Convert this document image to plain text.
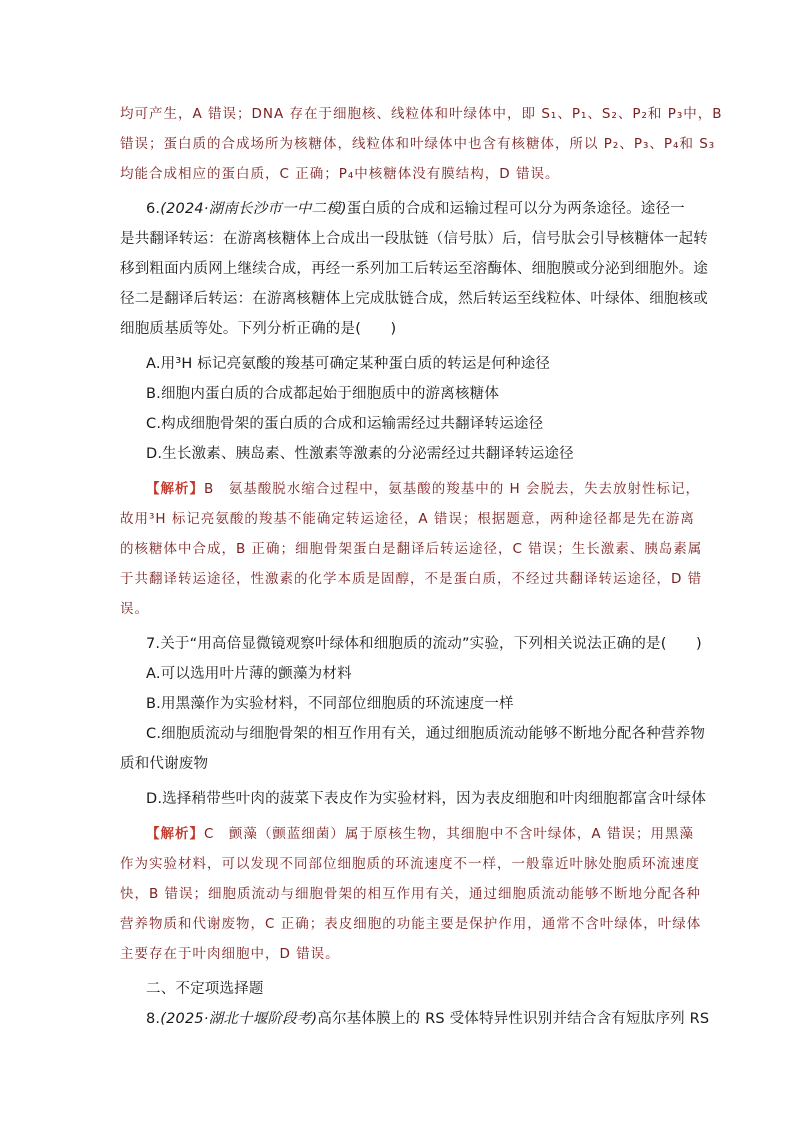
均可产生，A 错误；DNA 存在于细胞核、线粒体和叶绿体中，即 S₁、P₁、S₂、P₂和 P₃中，B
错误；蛋白质的合成场所为核糖体，线粒体和叶绿体中也含有核糖体，所以 P₂、P₃、P₄和 S₃
均能合成相应的蛋白质，C 正确；P₄中核糖体没有膜结构，D 错误。
6.(2024·湖南长沙市一中二模)蛋白质的合成和运输过程可以分为两条途径。途径一
是共翻译转运：在游离核糖体上合成出一段肽链（信号肽）后，信号肽会引导核糖体一起转
移到粗面内质网上继续合成，再经一系列加工后转运至溶酶体、细胞膜或分泌到细胞外。途
径二是翻译后转运：在游离核糖体上完成肽链合成，然后转运至线粒体、叶绿体、细胞核或
细胞质基质等处。下列分析正确的是(　　)
A.用³H 标记亮氨酸的羧基可确定某种蛋白质的转运是何种途径
B.细胞内蛋白质的合成都起始于细胞质中的游离核糖体
C.构成细胞骨架的蛋白质的合成和运输需经过共翻译转运途径
D.生长激素、胰岛素、性激素等激素的分泌需经过共翻译转运途径
【解析】B　氨基酸脱水缩合过程中，氨基酸的羧基中的 H 会脱去，失去放射性标记，
故用³H 标记亮氨酸的羧基不能确定转运途径，A 错误；根据题意，两种途径都是先在游离
的核糖体中合成，B 正确；细胞骨架蛋白是翻译后转运途径，C 错误；生长激素、胰岛素属
于共翻译转运途径，性激素的化学本质是固醇，不是蛋白质，不经过共翻译转运途径，D 错
误。
7.关于“用高倍显微镜观察叶绿体和细胞质的流动”实验，下列相关说法正确的是(　　)
A.可以选用叶片薄的颤藻为材料
B.用黑藻作为实验材料，不同部位细胞质的环流速度一样
C.细胞质流动与细胞骨架的相互作用有关，通过细胞质流动能够不断地分配各种营养物
质和代谢废物
D.选择稍带些叶肉的菠菜下表皮作为实验材料，因为表皮细胞和叶肉细胞都富含叶绿体
【解析】C　颤藻（颤蓝细菌）属于原核生物，其细胞中不含叶绿体，A 错误；用黑藻
作为实验材料，可以发现不同部位细胞质的环流速度不一样，一般靠近叶脉处胞质环流速度
快，B 错误；细胞质流动与细胞骨架的相互作用有关，通过细胞质流动能够不断地分配各种
营养物质和代谢废物，C 正确；表皮细胞的功能主要是保护作用，通常不含叶绿体，叶绿体
主要存在于叶肉细胞中，D 错误。
二、不定项选择题
8.(2025·湖北十堰阶段考)高尔基体膜上的 RS 受体特异性识别并结合含有短肽序列 RS
